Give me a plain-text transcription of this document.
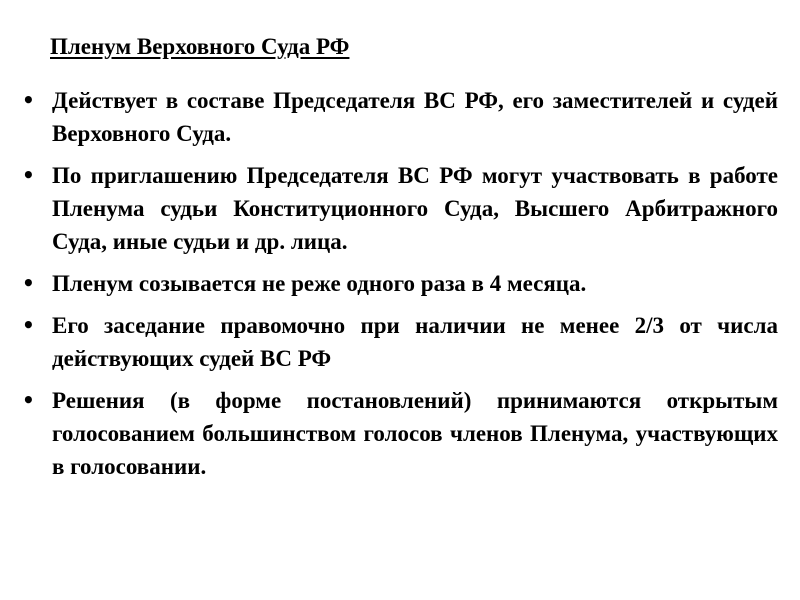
Пленум Верховного Суда РФ
• Действует в составе Председателя ВС РФ, его заместителей и судей Верховного Суда.
• По приглашению Председателя ВС РФ могут участвовать в работе Пленума судьи Конституционного Суда, Высшего Арбитражного Суда, иные судьи и др. лица.
• Пленум созывается не реже одного раза в 4 месяца.
• Его заседание правомочно при наличии не менее 2/3 от числа действующих судей ВС РФ
• Решения (в форме постановлений) принимаются открытым голосованием большинством голосов членов Пленума, участвующих в голосовании.
